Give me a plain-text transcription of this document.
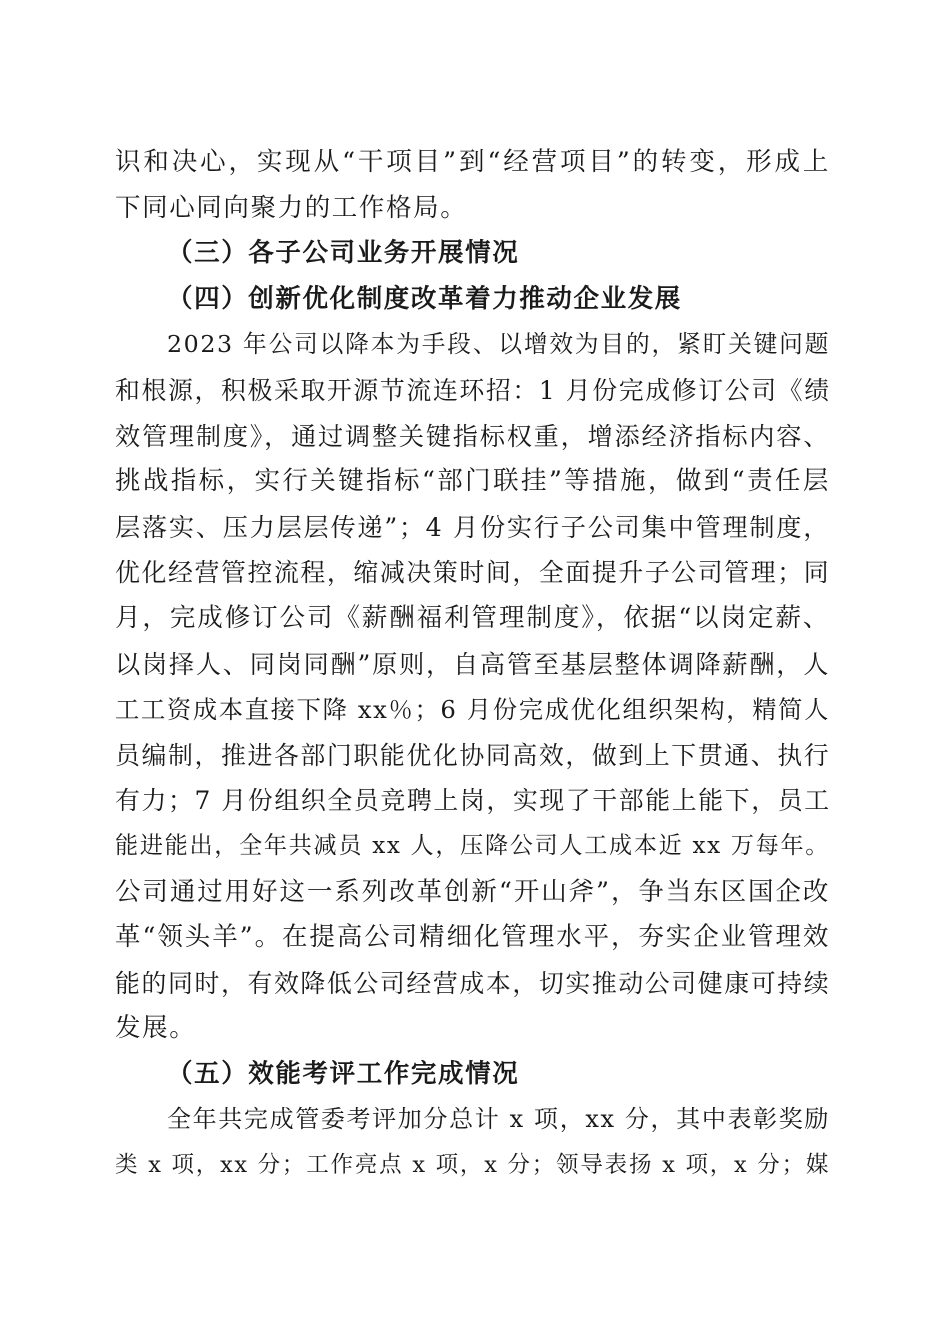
识和决心，实现从“干项目”到“经营项目”的转变，形成上
下同心同向聚力的工作格局。
（三）各子公司业务开展情况
（四）创新优化制度改革着力推动企业发展
2023 年公司以降本为手段、以增效为目的，紧盯关键问题
和根源，积极采取开源节流连环招：1 月份完成修订公司《绩
效管理制度》，通过调整关键指标权重，增添经济指标内容、
挑战指标，实行关键指标“部门联挂”等措施，做到“责任层
层落实、压力层层传递”；4 月份实行子公司集中管理制度，
优化经营管控流程，缩减决策时间，全面提升子公司管理；同
月，完成修订公司《薪酬福利管理制度》，依据“以岗定薪、
以岗择人、同岗同酬”原则，自高管至基层整体调降薪酬，人
工工资成本直接下降 xx％；6 月份完成优化组织架构，精简人
员编制，推进各部门职能优化协同高效，做到上下贯通、执行
有力；7 月份组织全员竞聘上岗，实现了干部能上能下，员工
能进能出，全年共减员 xx 人，压降公司人工成本近 xx 万每年。
公司通过用好这一系列改革创新“开山斧”，争当东区国企改
革“领头羊”。在提高公司精细化管理水平，夯实企业管理效
能的同时，有效降低公司经营成本，切实推动公司健康可持续
发展。
（五）效能考评工作完成情况
全年共完成管委考评加分总计 x 项，xx 分，其中表彰奖励
类 x 项，xx 分；工作亮点 x 项，x 分；领导表扬 x 项，x 分；媒
